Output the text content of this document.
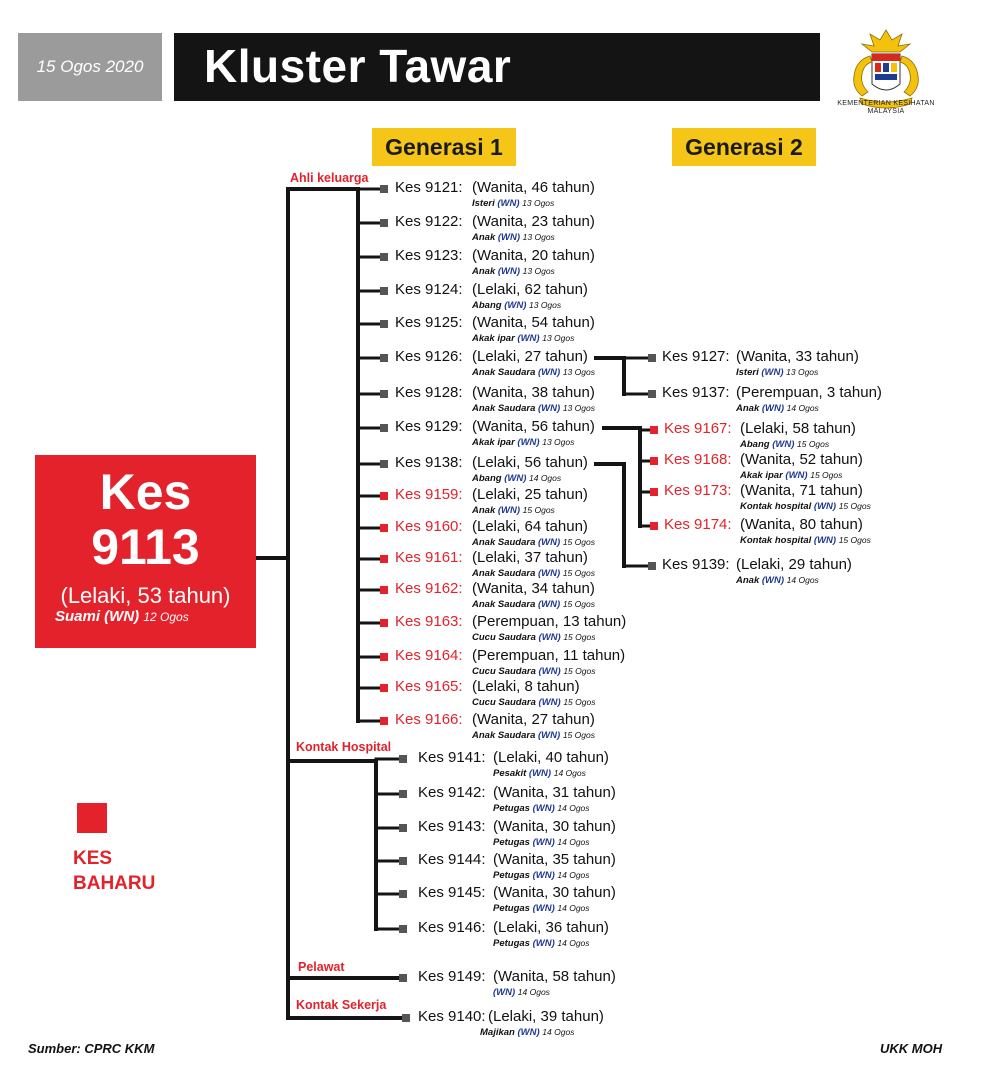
15 Ogos 2020 Kluster Tawar
KEMENTERIAN KESIHATAN
MALAYSIA
Generasi 1	Generasi 2
Kes
9113
(Lelaki, 53 tahun)
Suami (WN) 12 Ogos
KES
BAHARU
Ahli keluarga
Kontak Hospital
Pelawat
Kontak Sekerja
Kes 9121: (Wanita, 46 tahun)
Isteri (WN) 13 Ogos
Kes 9122: (Wanita, 23 tahun)
Anak (WN) 13 Ogos
Kes 9123: (Wanita, 20 tahun)
Anak (WN) 13 Ogos
Kes 9124: (Lelaki, 62 tahun)
Abang (WN) 13 Ogos
Kes 9125: (Wanita, 54 tahun)
Akak ipar (WN) 13 Ogos
Kes 9126: (Lelaki, 27 tahun)
Anak Saudara (WN) 13 Ogos
Kes 9128: (Wanita, 38 tahun)
Anak Saudara (WN) 13 Ogos
Kes 9129: (Wanita, 56 tahun)
Akak ipar (WN) 13 Ogos
Kes 9138: (Lelaki, 56 tahun)
Abang (WN) 14 Ogos
Kes 9159: (Lelaki, 25 tahun)
Anak (WN) 15 Ogos
Kes 9160: (Lelaki, 64 tahun)
Anak Saudara (WN) 15 Ogos
Kes 9161: (Lelaki, 37 tahun)
Anak Saudara (WN) 15 Ogos
Kes 9162: (Wanita, 34 tahun)
Anak Saudara (WN) 15 Ogos
Kes 9163: (Perempuan, 13 tahun)
Cucu Saudara (WN) 15 Ogos
Kes 9164: (Perempuan, 11 tahun)
Cucu Saudara (WN) 15 Ogos
Kes 9165: (Lelaki, 8 tahun)
Cucu Saudara (WN) 15 Ogos
Kes 9166: (Wanita, 27 tahun)
Anak Saudara (WN) 15 Ogos
Kes 9141: (Lelaki, 40 tahun)
Pesakit (WN) 14 Ogos
Kes 9142: (Wanita, 31 tahun)
Petugas (WN) 14 Ogos
Kes 9143: (Wanita, 30 tahun)
Petugas (WN) 14 Ogos
Kes 9144: (Wanita, 35 tahun)
Petugas (WN) 14 Ogos
Kes 9145: (Wanita, 30 tahun)
Petugas (WN) 14 Ogos
Kes 9146: (Lelaki, 36 tahun)
Petugas (WN) 14 Ogos
Kes 9149: (Wanita, 58 tahun)
(WN) 14 Ogos
Kes 9140: (Lelaki, 39 tahun)
Majikan (WN) 14 Ogos
Kes 9127: (Wanita, 33 tahun)
Isteri (WN) 13 Ogos
Kes 9137: (Perempuan, 3 tahun)
Anak (WN) 14 Ogos
Kes 9167: (Lelaki, 58 tahun)
Abang (WN) 15 Ogos
Kes 9168: (Wanita, 52 tahun)
Akak ipar (WN) 15 Ogos
Kes 9173: (Wanita, 71 tahun)
Kontak hospital (WN) 15 Ogos
Kes 9174: (Wanita, 80 tahun)
Kontak hospital (WN) 15 Ogos
Kes 9139: (Lelaki, 29 tahun)
Anak (WN) 14 Ogos
Sumber: CPRC KKM	UKK MOH
